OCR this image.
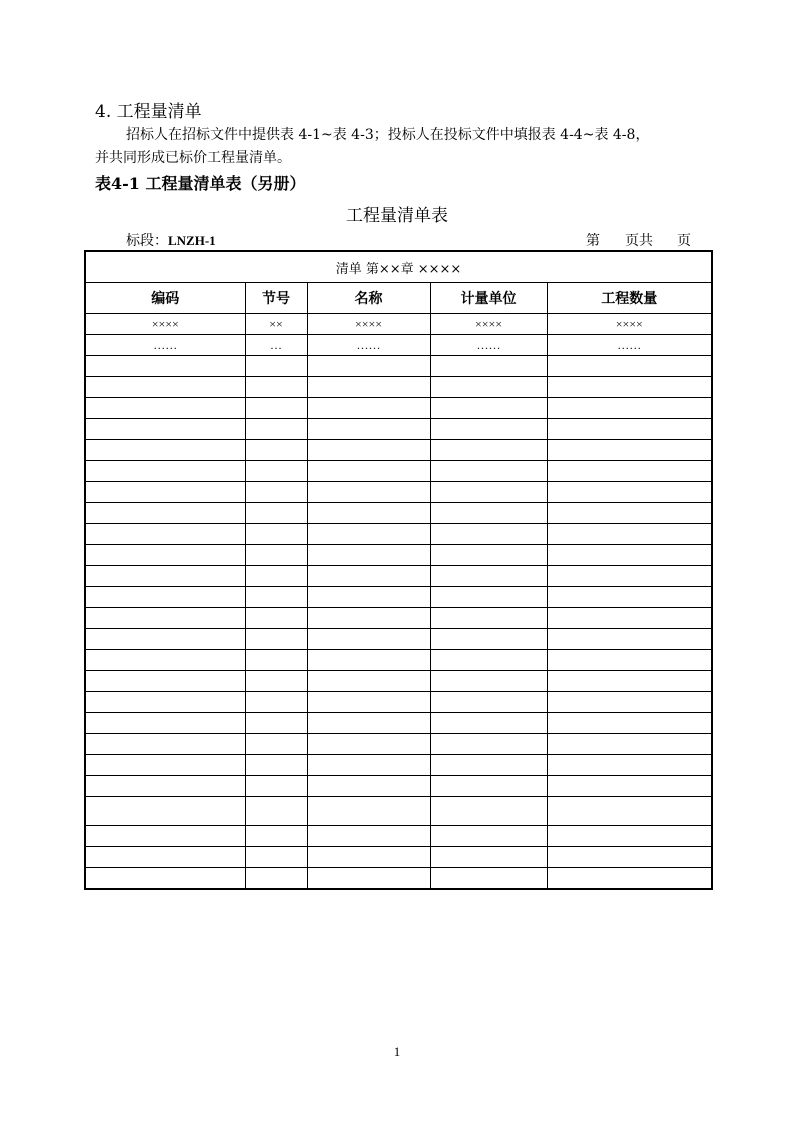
4. 工程量清单
招标人在招标文件中提供表 4-1~表 4-3；投标人在投标文件中填报表 4-4~表 4-8，
并共同形成已标价工程量清单。
表4-1 工程量清单表（另册）
工程量清单表
标段：LNZH-1	第 页共 页
清单 第××章 ××××				
编码	节号	名称	计量单位	工程数量
××××	××	××××	××××	××××
……	…	……	……	……

1
